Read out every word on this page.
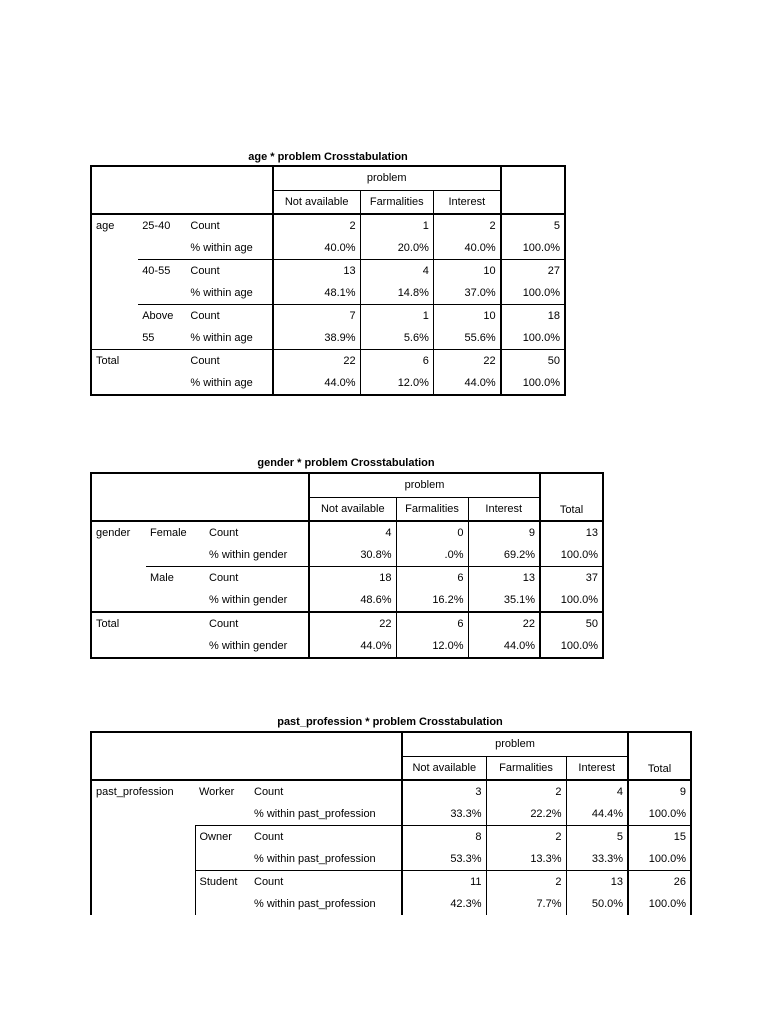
age * problem Crosstabulation
			problem			
			Not available	Farmalities	Interest	
age	25-40	Count	2	1	2	5
		% within age	40.0%	20.0%	40.0%	100.0%
	40-55	Count	13	4	10	27
		% within age	48.1%	14.8%	37.0%	100.0%
	Above	Count	7	1	10	18
	55	% within age	38.9%	5.6%	55.6%	100.0%
Total		Count	22	6	22	50
		% within age	44.0%	12.0%	44.0%	100.0%
gender * problem Crosstabulation
			problem			Total
			Not available	Farmalities	Interest	
gender	Female	Count	4	0	9	13
		% within gender	30.8%	.0%	69.2%	100.0%
	Male	Count	18	6	13	37
		% within gender	48.6%	16.2%	35.1%	100.0%
Total		Count	22	6	22	50
		% within gender	44.0%	12.0%	44.0%	100.0%
past_profession * problem Crosstabulation
			problem			Total
			Not available	Farmalities	Interest	
past_profession	Worker	Count	3	2	4	9
		% within past_profession	33.3%	22.2%	44.4%	100.0%
	Owner	Count	8	2	5	15
		% within past_profession	53.3%	13.3%	33.3%	100.0%
	Student	Count	11	2	13	26
		% within past_profession	42.3%	7.7%	50.0%	100.0%
